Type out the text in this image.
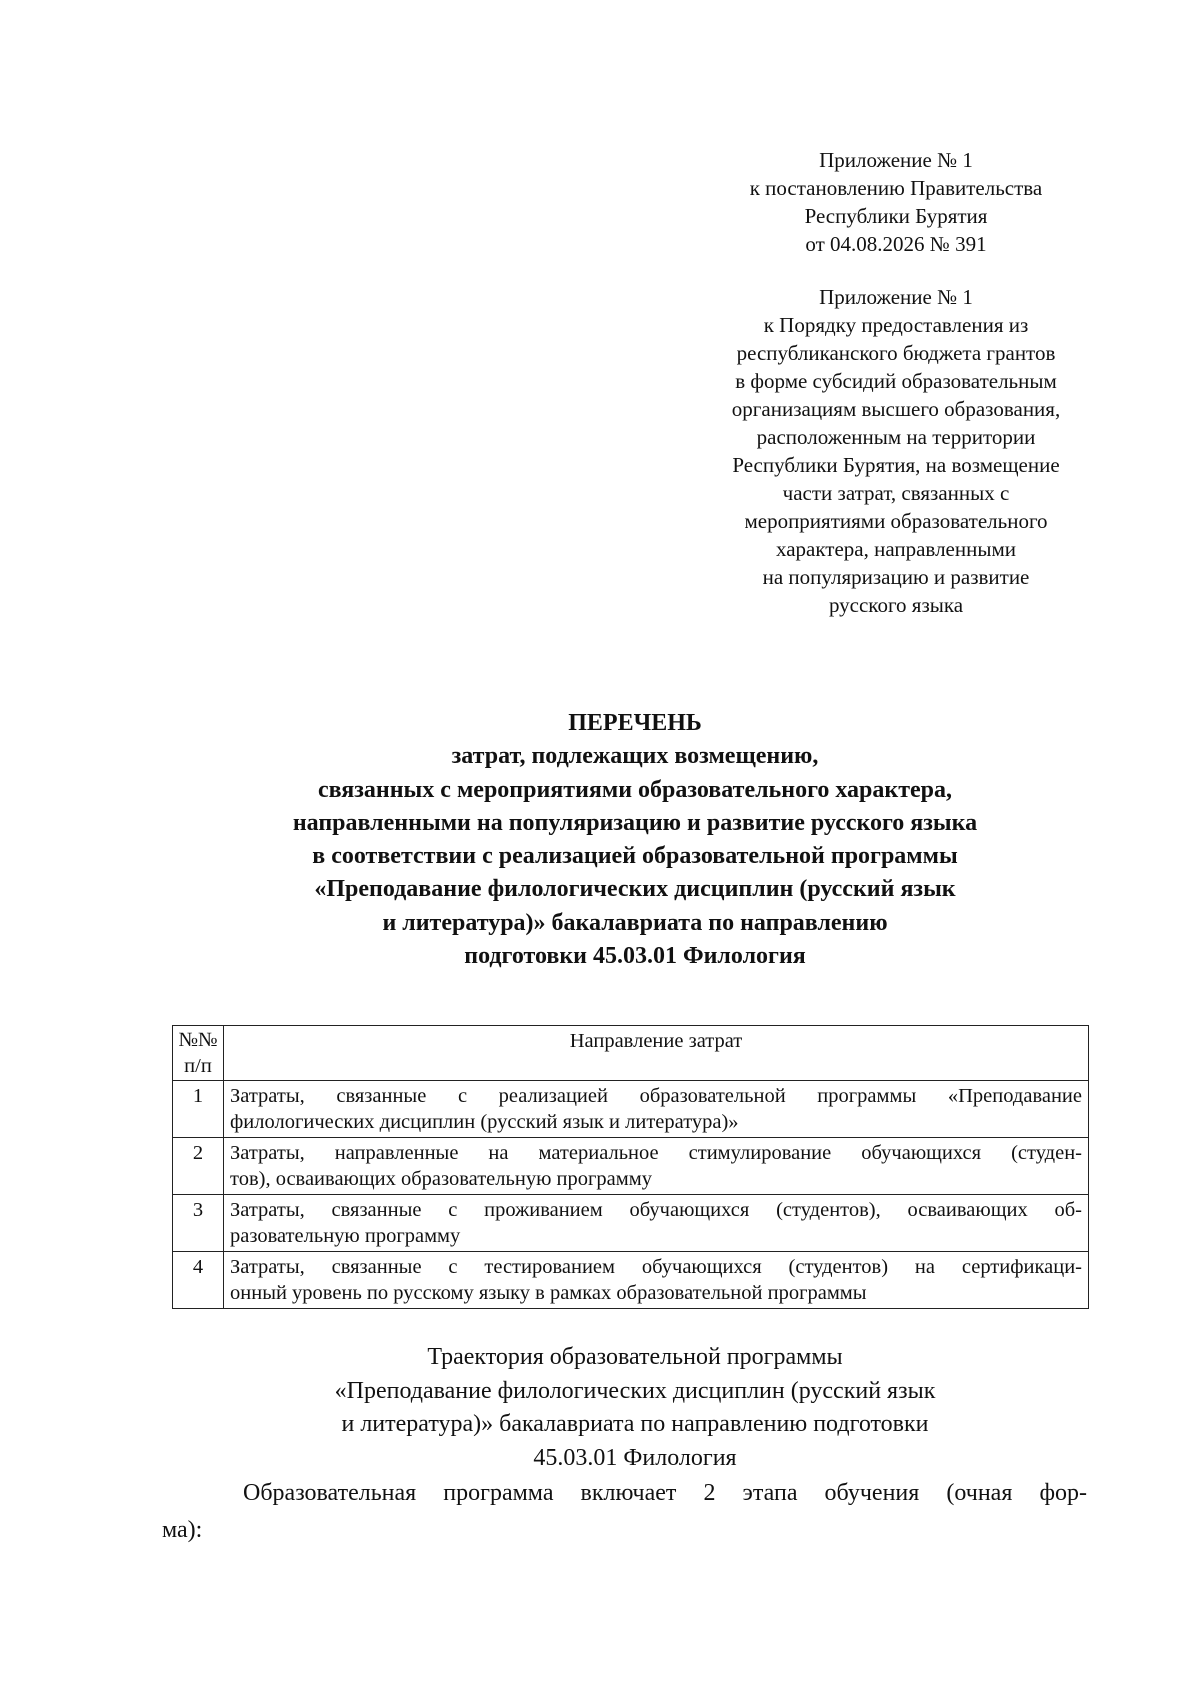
Приложение № 1
к постановлению Правительства
Республики Бурятия
от 04.08.2026 № 391
Приложение № 1
к Порядку предоставления из
республиканского бюджета грантов
в форме субсидий образовательным
организациям высшего образования,
расположенным на территории
Республики Бурятия, на возмещение
части затрат, связанных с
мероприятиями образовательного
характера, направленными
на популяризацию и развитие
русского языка
ПЕРЕЧЕНЬ
затрат, подлежащих возмещению,
связанных с мероприятиями образовательного характера,
направленными на популяризацию и развитие русского языка
в соответствии с реализацией образовательной программы
«Преподавание филологических дисциплин (русский язык
и литература)» бакалавриата по направлению
подготовки 45.03.01 Филология
№№
п/п	Направление затрат
1	Затраты, связанные с реализацией образовательной программы «Преподавание
филологических дисциплин (русский язык и литература)»

2	Затраты, направленные на материальное стимулирование обучающихся (студен-
тов), осваивающих образовательную программу

3	Затраты, связанные с проживанием обучающихся (студентов), осваивающих об-
разовательную программу

4	Затраты, связанные с тестированием обучающихся (студентов) на сертификаци-
онный уровень по русскому языку в рамках образовательной программы
Траектория образовательной программы
«Преподавание филологических дисциплин (русский язык
и литература)» бакалавриата по направлению подготовки
45.03.01 Филология
Образовательная программа включает 2 этапа обучения (очная фор-
ма):
